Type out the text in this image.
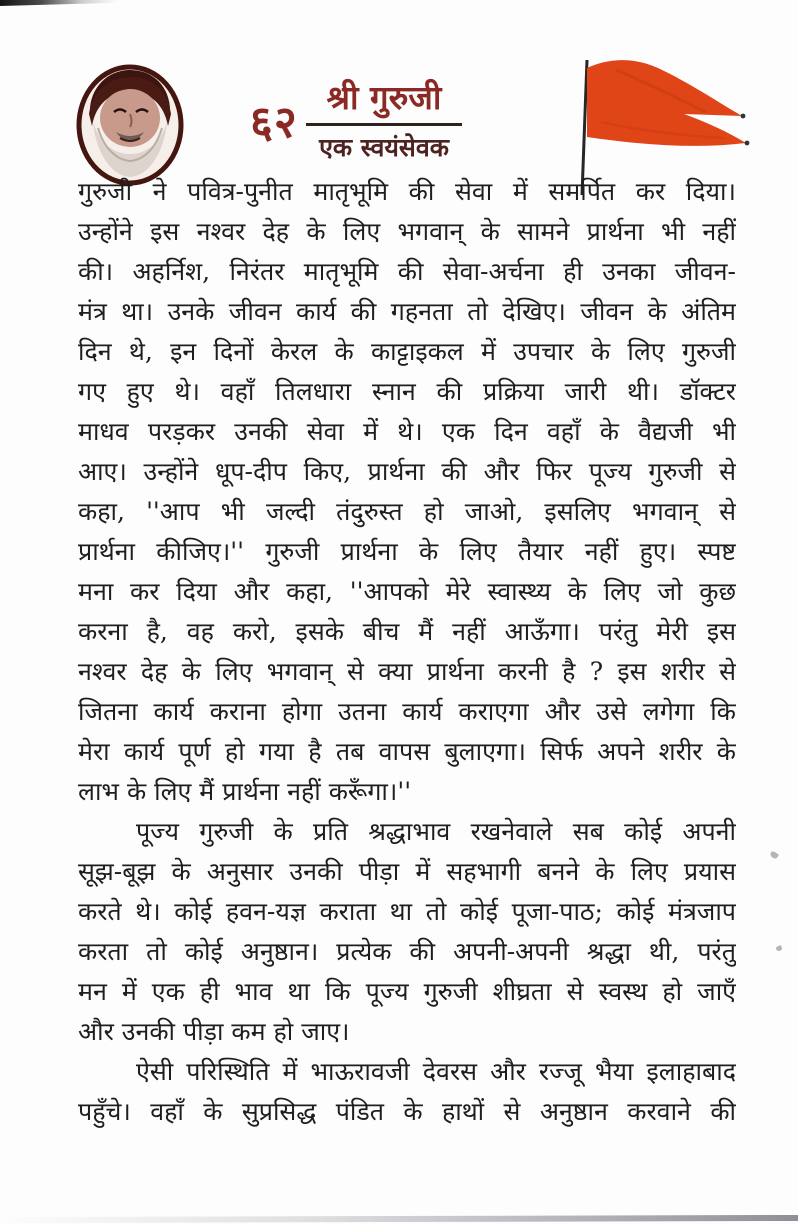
६२ श्री गुरुजी
एक स्वयंसेवक
गुरुजी ने पवित्र-पुनीत मातृभूमि की सेवा में समर्पित कर दिया।
उन्होंने इस नश्वर देह के लिए भगवान् के सामने प्रार्थना भी नहीं
की। अहर्निश, निरंतर मातृभूमि की सेवा-अर्चना ही उनका जीवन-
मंत्र था। उनके जीवन कार्य की गहनता तो देखिए। जीवन के अंतिम
दिन थे, इन दिनों केरल के काट्टाइकल में उपचार के लिए गुरुजी
गए हुए थे। वहाँ तिलधारा स्नान की प्रक्रिया जारी थी। डॉक्टर
माधव परड़कर उनकी सेवा में थे। एक दिन वहाँ के वैद्यजी भी
आए। उन्होंने धूप-दीप किए, प्रार्थना की और फिर पूज्य गुरुजी से
कहा, ''आप भी जल्दी तंदुरुस्त हो जाओ, इसलिए भगवान् से
प्रार्थना कीजिए।'' गुरुजी प्रार्थना के लिए तैयार नहीं हुए। स्पष्ट
मना कर दिया और कहा, ''आपको मेरे स्वास्थ्य के लिए जो कुछ
करना है, वह करो, इसके बीच मैं नहीं आऊँगा। परंतु मेरी इस
नश्वर देह के लिए भगवान् से क्या प्रार्थना करनी है ? इस शरीर से
जितना कार्य कराना होगा उतना कार्य कराएगा और उसे लगेगा कि
मेरा कार्य पूर्ण हो गया है तब वापस बुलाएगा। सिर्फ अपने शरीर के
लाभ के लिए मैं प्रार्थना नहीं करूँगा।''
पूज्य गुरुजी के प्रति श्रद्धाभाव रखनेवाले सब कोई अपनी
सूझ-बूझ के अनुसार उनकी पीड़ा में सहभागी बनने के लिए प्रयास
करते थे। कोई हवन-यज्ञ कराता था तो कोई पूजा-पाठ; कोई मंत्रजाप
करता तो कोई अनुष्ठान। प्रत्येक की अपनी-अपनी श्रद्धा थी, परंतु
मन में एक ही भाव था कि पूज्य गुरुजी शीघ्रता से स्वस्थ हो जाएँ
और उनकी पीड़ा कम हो जाए।
ऐसी परिस्थिति में भाऊरावजी देवरस और रज्जू भैया इलाहाबाद
पहुँचे। वहाँ के सुप्रसिद्ध पंडित के हाथों से अनुष्ठान करवाने की
